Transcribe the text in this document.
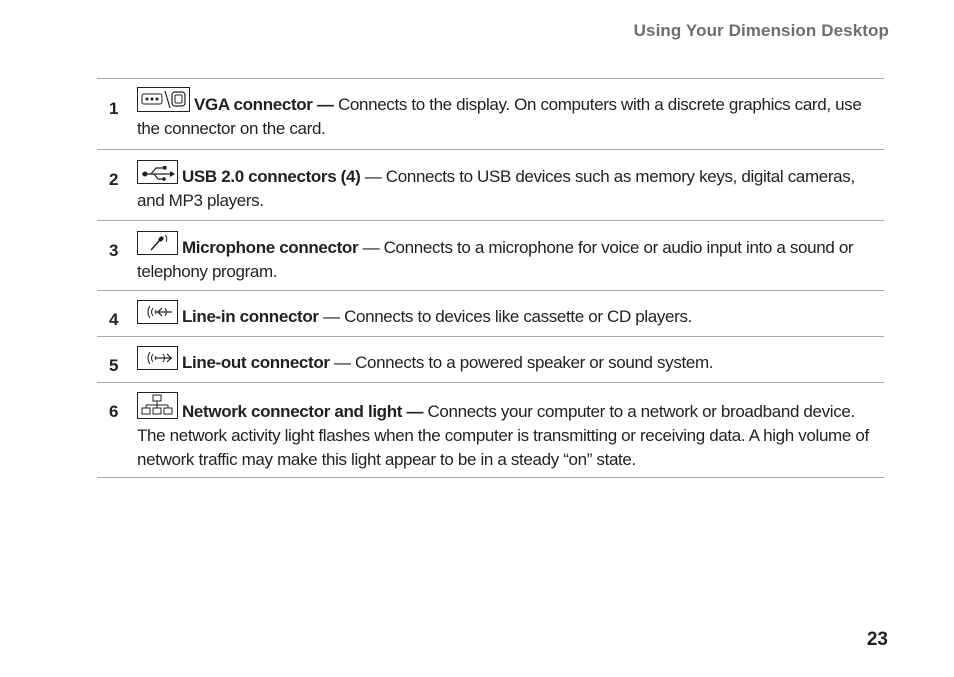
Using Your Dimension Desktop
1	VGA connector — Connects to the display. On computers with a discrete graphics card, use the connector on the card.
2	USB 2.0 connectors (4) — Connects to USB devices such as memory keys, digital cameras, and MP3 players.
3	Microphone connector — Connects to a microphone for voice or audio input into a sound or telephony program.
4	Line-in connector — Connects to devices like cassette or CD players.
5	Line-out connector — Connects to a powered speaker or sound system.
6	Network connector and light — Connects your computer to a network or broadband device. The network activity light flashes when the computer is transmitting or receiving data. A high volume of network traffic may make this light appear to be in a steady “on” state.
23
